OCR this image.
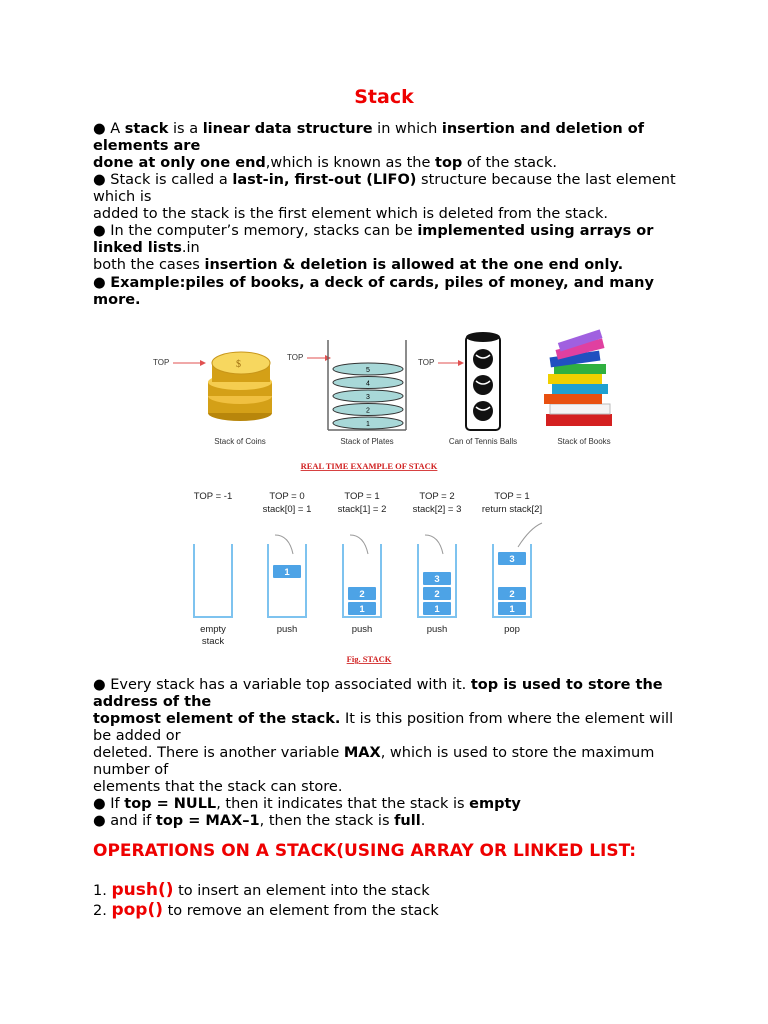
Stack
● A stack is a linear data structure in which insertion and deletion of elements are
done at only one end,which is known as the top of the stack.
● Stack is called a last-in, first-out (LIFO) structure because the last element which is
added to the stack is the first element which is deleted from the stack.
● In the computer’s memory, stacks can be implemented using arrays or linked lists.in
both the cases insertion & deletion is allowed at the one end only.
● Example:piles of books, a deck of cards, piles of money, and many more.
TOP	$
TOP
TOP
Stack of Coins	Stack of Plates	Can of Tennis Balls	Stack of Books
REAL TIME EXAMPLE OF STACK
TOP = -1
empty
stack
TOP = 0
stack[0] = 1
1
push
TOP = 1
stack[1] = 2
1
2
push
TOP = 2
stack[2] = 3
1
2
3
push
TOP = 1
return stack[2]
1
2
3
pop
Fig. STACK
5
4
3
2
1
● Every stack has a variable top associated with it. top is used to store the address of the
topmost element of the stack. It is this position from where the element will be added or
deleted. There is another variable MAX, which is used to store the maximum number of
elements that the stack can store.
● If top = NULL, then it indicates that the stack is empty
● and if top = MAX–1, then the stack is full.
OPERATIONS ON A STACK(USING ARRAY OR LINKED LIST:
1. push() to insert an element into the stack
2. pop() to remove an element from the stack
